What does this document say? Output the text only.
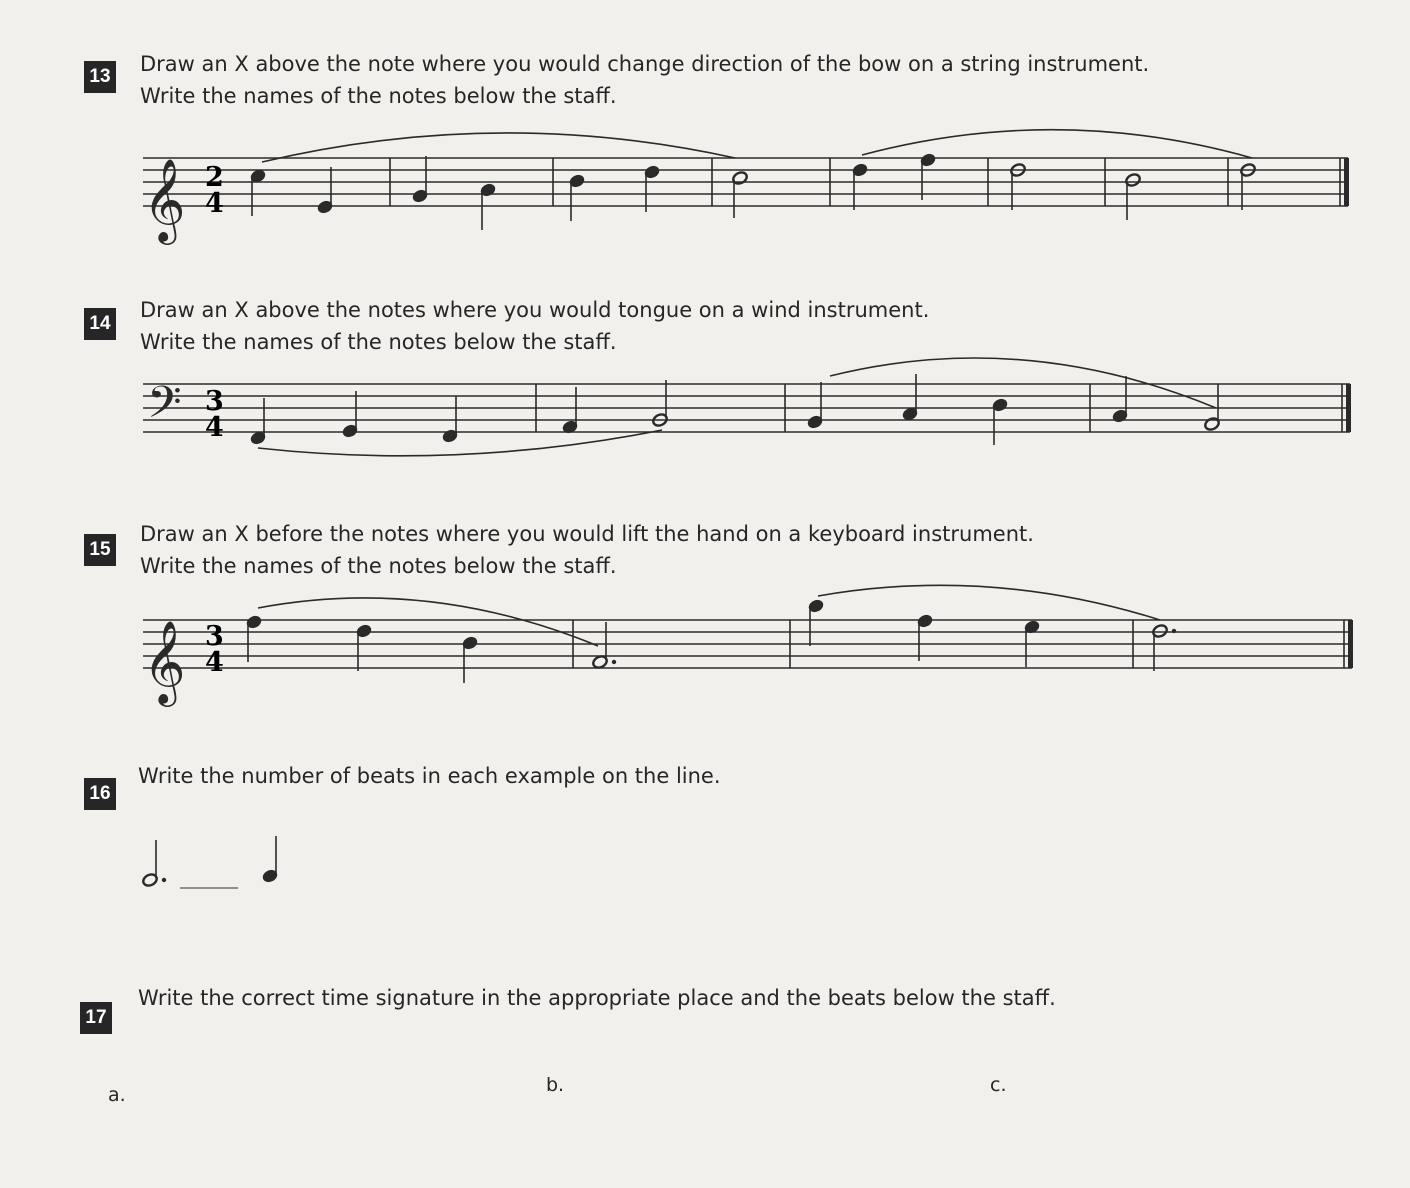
13
Draw an X above the note where you would change direction of the bow on a string instrument.
Write the names of the notes below the staff.
14
Draw an X above the notes where you would tongue on a wind instrument.
Write the names of the notes below the staff.
15
Draw an X before the notes where you would lift the hand on a keyboard instrument.
Write the names of the notes below the staff.
16
Write the number of beats in each example on the line.
17
Write the correct time signature in the appropriate place and the beats below the staff.
a.	b.	c.
𝄞
𝄢
𝄞
2
4
3
4
3
4
